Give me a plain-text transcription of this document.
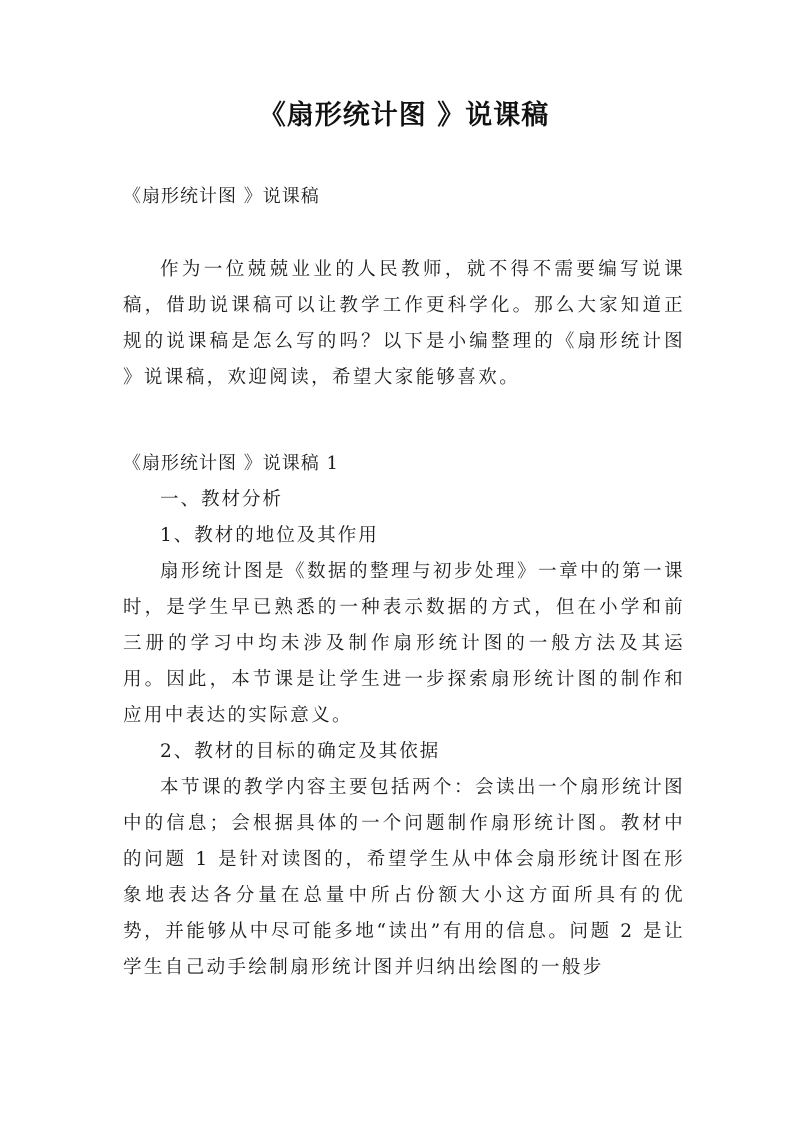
《扇形统计图 》说课稿

《扇形统计图 》说课稿

作为一位兢兢业业的人民教师，就不得不需要编写说课稿，借助说课稿可以让教学工作更科学化。那么大家知道正规的说课稿是怎么写的吗？以下是小编整理的《扇形统计图 》说课稿，欢迎阅读，希望大家能够喜欢。

《扇形统计图 》说课稿 1

一、教材分析

1、教材的地位及其作用

扇形统计图是《数据的整理与初步处理》一章中的第一课时，是学生早已熟悉的一种表示数据的方式，但在小学和前三册的学习中均未涉及制作扇形统计图的一般方法及其运用。因此，本节课是让学生进一步探索扇形统计图的制作和应用中表达的实际意义。

2、教材的目标的确定及其依据

本节课的教学内容主要包括两个：会读出一个扇形统计图中的信息；会根据具体的一个问题制作扇形统计图。教材中的问题 1 是针对读图的，希望学生从中体会扇形统计图在形象地表达各分量在总量中所占份额大小这方面所具有的优势，并能够从中尽可能多地“读出”有用的信息。问题 2 是让学生自己动手绘制扇形统计图并归纳出绘图的一般步
